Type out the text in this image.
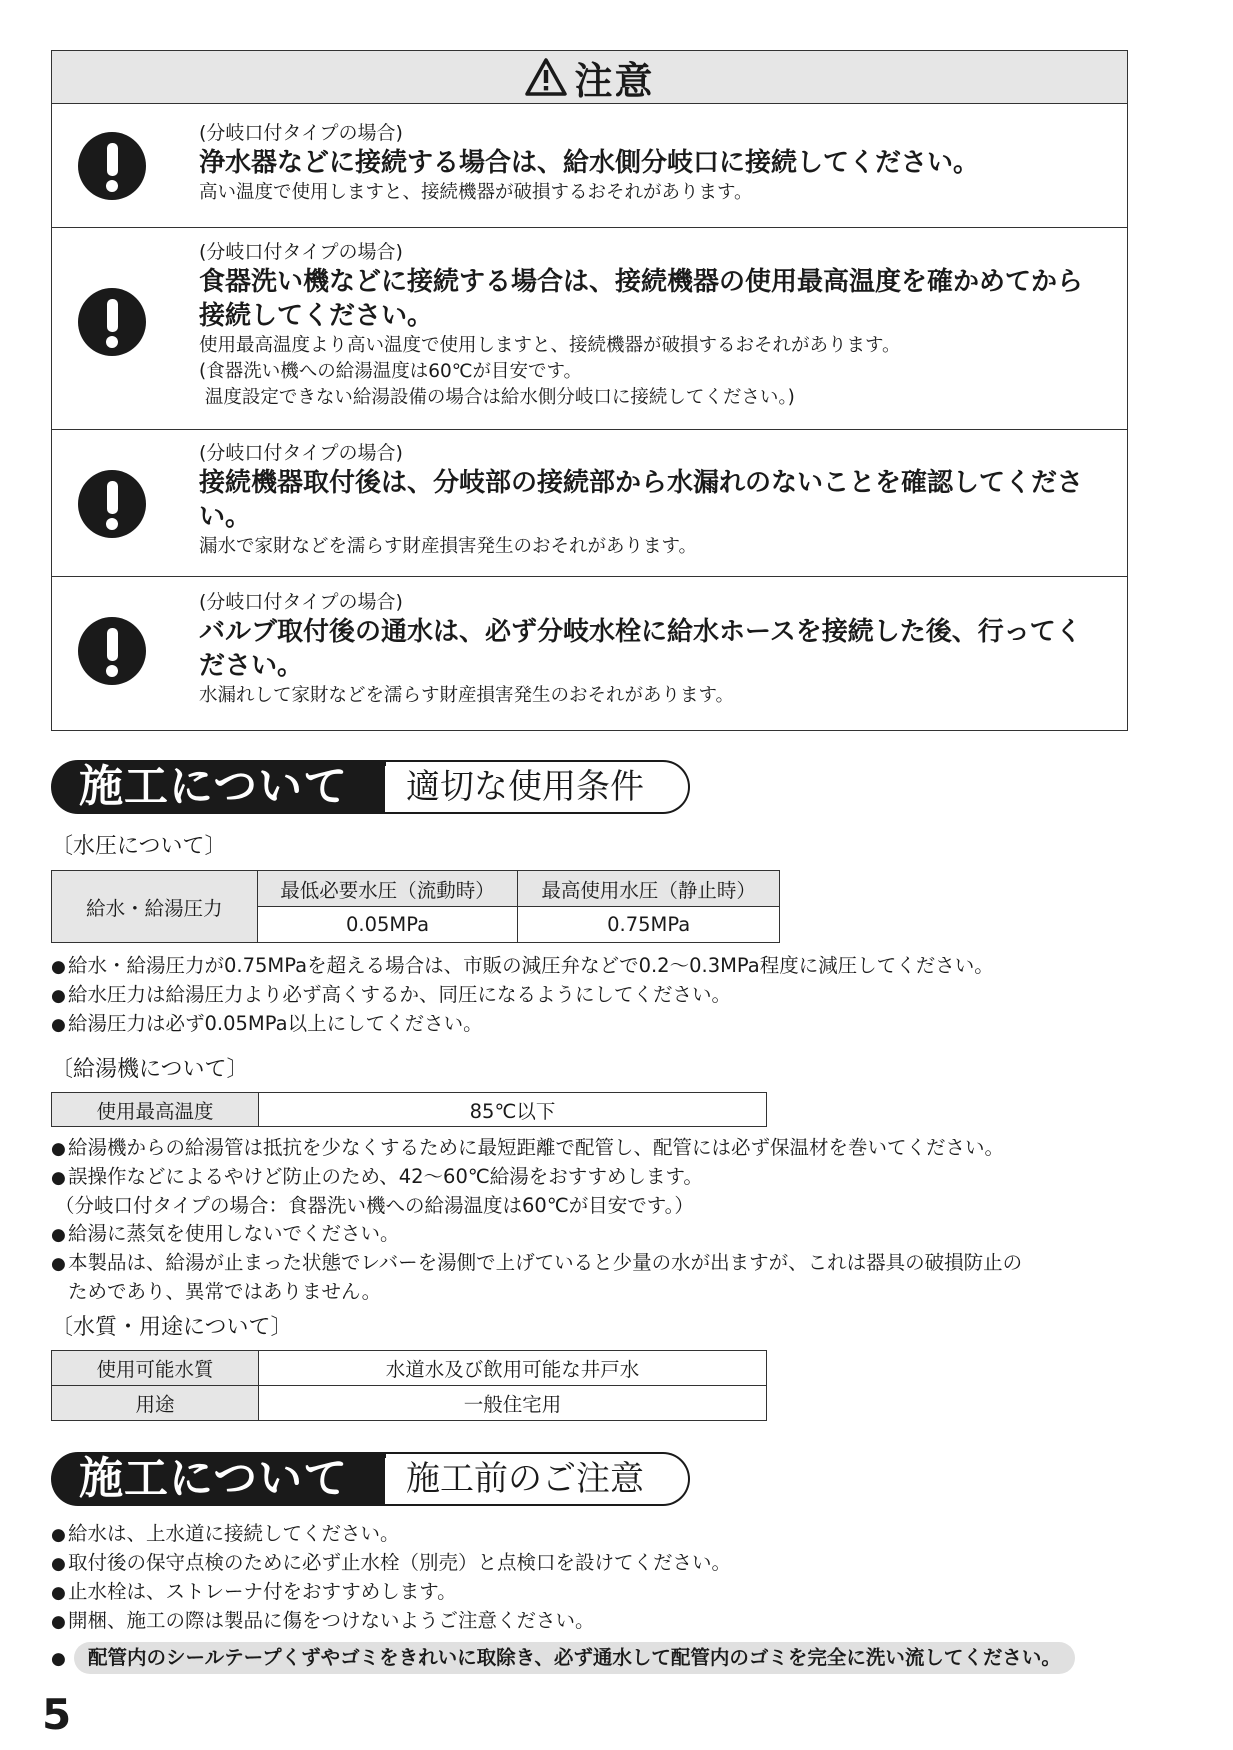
注意
(分岐口付タイプの場合)
浄水器などに接続する場合は、給水側分岐口に接続してください。
高い温度で使用しますと、接続機器が破損するおそれがあります。
(分岐口付タイプの場合)
食器洗い機などに接続する場合は、接続機器の使用最高温度を確かめてから接続してください。
使用最高温度より高い温度で使用しますと、接続機器が破損するおそれがあります。
(食器洗い機への給湯温度は60℃が目安です。
温度設定できない給湯設備の場合は給水側分岐口に接続してください。)
(分岐口付タイプの場合)
接続機器取付後は、分岐部の接続部から水漏れのないことを確認してください。
漏水で家財などを濡らす財産損害発生のおそれがあります。
(分岐口付タイプの場合)
バルブ取付後の通水は、必ず分岐水栓に給水ホースを接続した後、行ってください。
水漏れして家財などを濡らす財産損害発生のおそれがあります。
施工について	適切な使用条件
〔水圧について〕
給水・給湯圧力	最低必要水圧（流動時）	最高使用水圧（静止時）
	0.05MPa	0.75MPa
● 給水・給湯圧力が0.75MPaを超える場合は、市販の減圧弁などで0.2〜0.3MPa程度に減圧してください。
● 給水圧力は給湯圧力より必ず高くするか、同圧になるようにしてください。
● 給湯圧力は必ず0.05MPa以上にしてください。
〔給湯機について〕
使用最高温度	85℃以下
● 給湯機からの給湯管は抵抗を少なくするために最短距離で配管し、配管には必ず保温材を巻いてください。
● 誤操作などによるやけど防止のため、42〜60℃給湯をおすすめします。
（分岐口付タイプの場合：食器洗い機への給湯温度は60℃が目安です。）
● 給湯に蒸気を使用しないでください。
● 本製品は、給湯が止まった状態でレバーを湯側で上げていると少量の水が出ますが、これは器具の破損防止の
ためであり、異常ではありません。
〔水質・用途について〕
使用可能水質	水道水及び飲用可能な井戸水
用途	一般住宅用
施工について	施工前のご注意
● 給水は、上水道に接続してください。
● 取付後の保守点検のために必ず止水栓（別売）と点検口を設けてください。
● 止水栓は、ストレーナ付をおすすめします。
● 開梱、施工の際は製品に傷をつけないようご注意ください。
● 配管内のシールテープくずやゴミをきれいに取除き、必ず通水して配管内のゴミを完全に洗い流してください。
5
